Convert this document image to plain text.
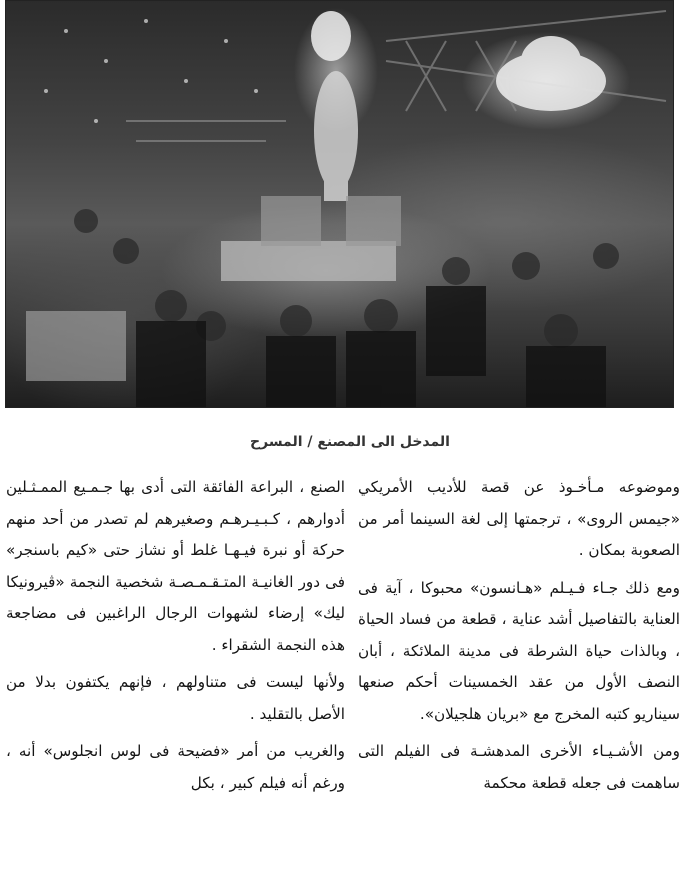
المدخل الى المصنع / المسرح

وموضوعه مـأخـوذ عن قصة للأديب الأمريكي «جيمس الروى» ، ترجمتها إلى لغة السينما أمر من الصعوبة بمكان .

ومع ذلك جـاء فـيـلم «هـانسون» محبوكا ، آية فى العناية بالتفاصيل أشد عناية ، قطعة من فساد الحياة ، وبالذات حياة الشرطة فى مدينة الملائكة ، أبان النصف الأول من عقد الخمسينات أحكم صنعها سيناريو كتبه المخرج مع «بريان هلجيلان».

ومن الأشـيـاء الأخرى المدهشـة فى الفيلم التى ساهمت فى جعله قطعة محكمة

الصنع ، البراعة الفائقة التى أدى بها جـمـيع الممـثـلين أدوارهم ، كـبـيـرهـم وصغيرهم لم تصدر من أحد منهم حركة أو نبرة فيـهـا غلط أو نشاز حتى «كيم باسنجر» فى دور الغانيـة المتـقـمـصـة شخصية النجمة «ڤيرونيكا ليك» إرضاء لشهوات الرجال الراغبين فى مضاجعة هذه النجمة الشقراء .

ولأنها ليست فى متناولهم ، فإنهم يكتفون بدلا من الأصل بالتقليد .

والغريب من أمر «فضيحة فى لوس انجلوس» أنه ، ورغم أنه فيلم كبير ، بكل
